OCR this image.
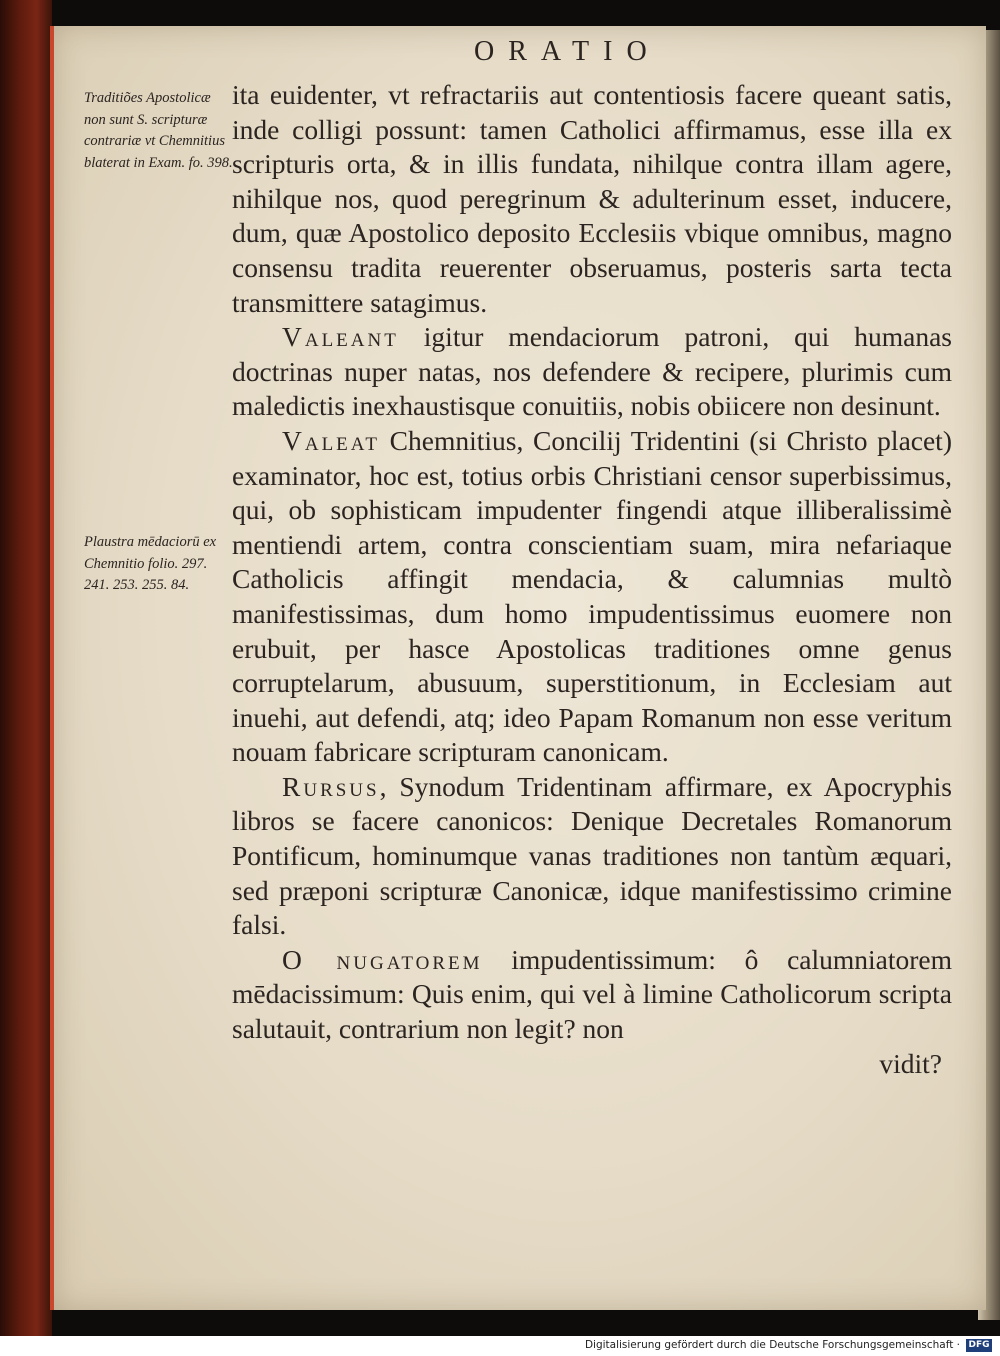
ORATIO
Traditiões Apostolicæ non sunt S. scripturæ contrariæ vt Chemnitius blaterat in Exam. fo. 398.
Plaustra mēdaciorū ex Chemnitio folio. 297. 241. 253. 255. 84.

ita euidenter, vt refractariis aut contentiosis facere queant satis, inde colligi possunt: tamen Catholici affirmamus, esse illa ex scripturis orta, & in illis fundata, nihilque contra illam agere, nihilque nos, quod peregrinum & adulterinum esset, inducere, dum, quæ Apostolico deposito Ecclesiis vbique omnibus, magno consensu tradita reuerenter obseruamus, posteris sarta tecta transmittere satagimus.

Valeant igitur mendaciorum patroni, qui humanas doctrinas nuper natas, nos defendere & recipere, plurimis cum maledictis inexhaustisque conuitiis, nobis obiicere non desinunt.

Valeat Chemnitius, Concilij Tridentini (si Christo placet) examinator, hoc est, totius orbis Christiani censor superbissimus, qui, ob sophisticam impudenter fingendi atque illiberalissimè mentiendi artem, contra conscientiam suam, mira nefariaque Catholicis affingit mendacia, & calumnias multò manifestissimas, dum homo impudentissimus euomere non erubuit, per hasce Apostolicas traditiones omne genus corruptelarum, abusuum, superstitionum, in Ecclesiam aut inuehi, aut defendi, atq; ideo Papam Romanum non esse veritum nouam fabricare scripturam canonicam.

Rursus, Synodum Tridentinam affirmare, ex Apocryphis libros se facere canonicos: Denique Decretales Romanorum Pontificum, hominumque vanas traditiones non tantùm æquari, sed præponi scripturæ Canonicæ, idque manifestissimo crimine falsi.

O nugatorem impudentissimum: ô calumniatorem mēdacissimum: Quis enim, qui vel à limine Catholicorum scripta salutauit, contrarium non legit? non

vidit?

Digitalisierung gefördert durch die Deutsche Forschungsgemeinschaft · DFG
